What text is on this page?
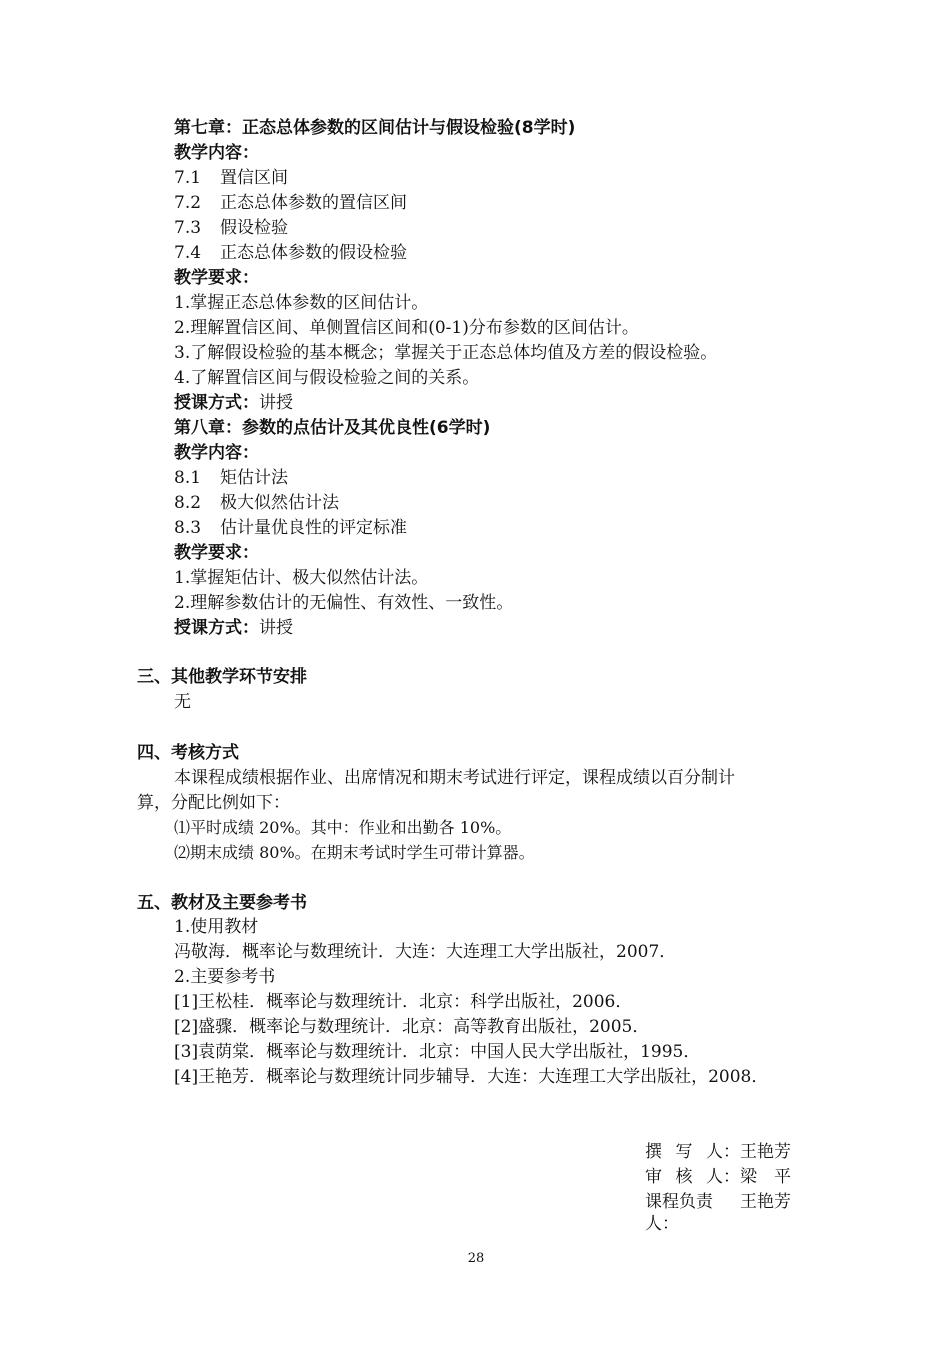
第七章：正态总体参数的区间估计与假设检验(8学时)
教学内容：
7.1 置信区间
7.2 正态总体参数的置信区间
7.3 假设检验
7.4 正态总体参数的假设检验
教学要求：
1.掌握正态总体参数的区间估计。
2.理解置信区间、单侧置信区间和(0-1)分布参数的区间估计。
3.了解假设检验的基本概念；掌握关于正态总体均值及方差的假设检验。
4.了解置信区间与假设检验之间的关系。
授课方式：讲授
第八章：参数的点估计及其优良性(6学时)
教学内容：
8.1 矩估计法
8.2 极大似然估计法
8.3 估计量优良性的评定标准
教学要求：
1.掌握矩估计、极大似然估计法。
2.理解参数估计的无偏性、有效性、一致性。
授课方式：讲授
三、其他教学环节安排
无
四、考核方式
本课程成绩根据作业、出席情况和期末考试进行评定，课程成绩以百分制计
算，分配比例如下：
⑴平时成绩 20%。其中：作业和出勤各 10%。
⑵期末成绩 80%。在期末考试时学生可带计算器。
五、教材及主要参考书
1.使用教材
冯敬海．概率论与数理统计．大连：大连理工大学出版社，2007．
2.主要参考书
[1]王松桂．概率论与数理统计．北京：科学出版社，2006．
[2]盛骤．概率论与数理统计．北京：高等教育出版社，2005．
[3]袁荫棠．概率论与数理统计．北京：中国人民大学出版社，1995．
[4]王艳芳．概率论与数理统计同步辅导．大连：大连理工大学出版社，2008．
撰 写 人： 王艳芳
审 核 人： 梁　平
课程负责人：
王艳芳
28
